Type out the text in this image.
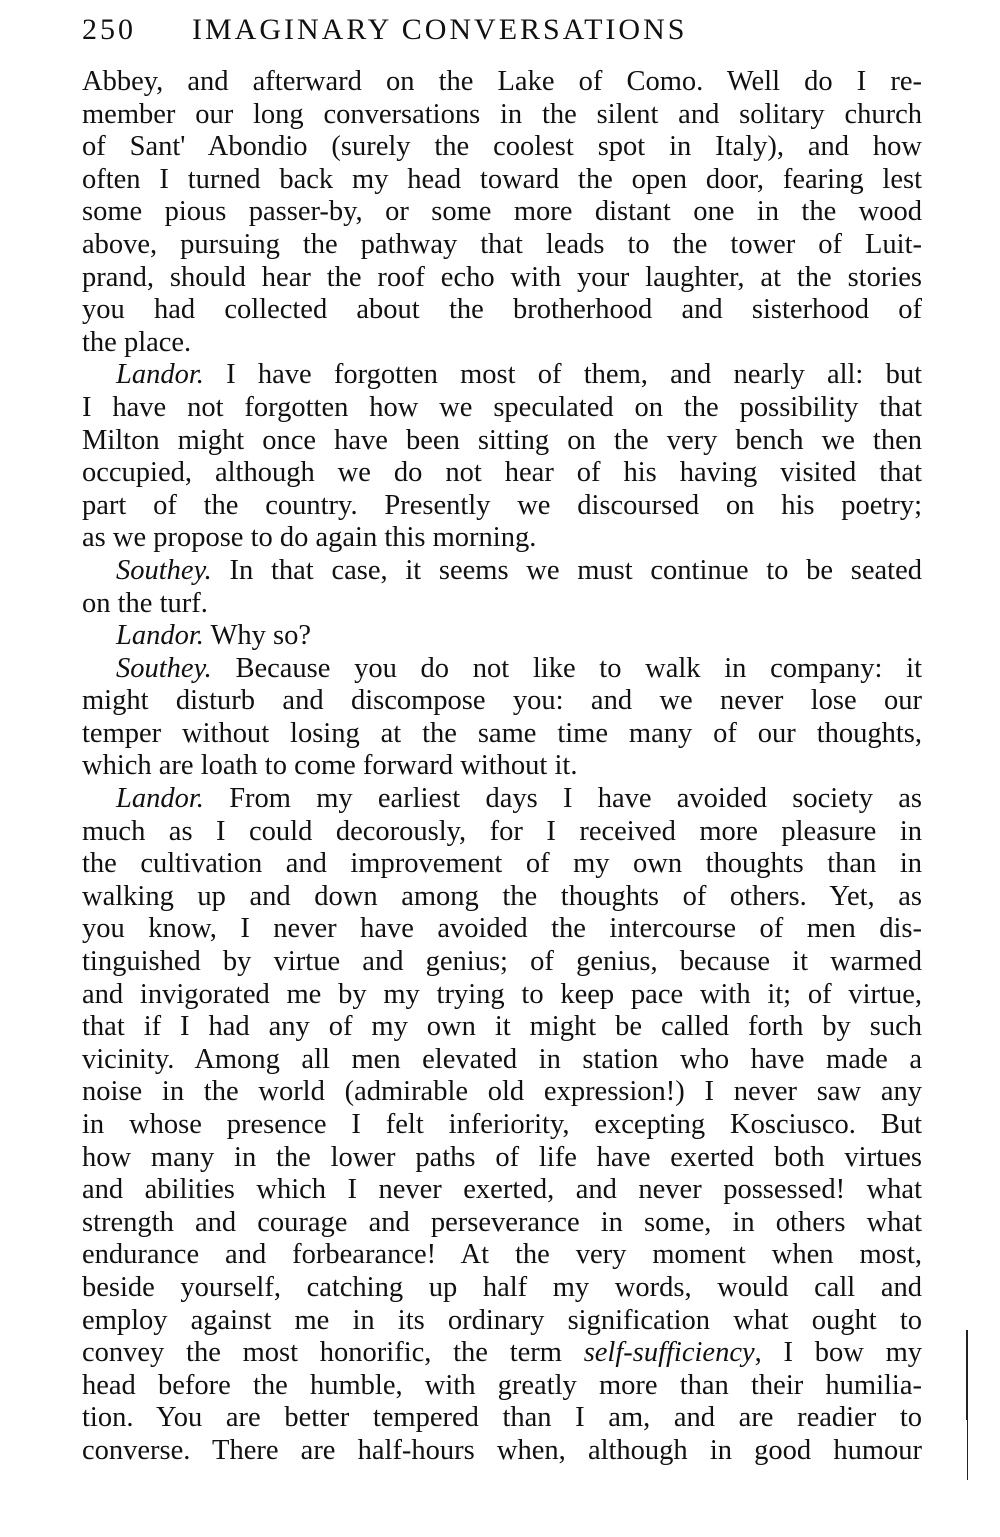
250 IMAGINARY CONVERSATIONS
Abbey, and afterward on the Lake of Como. Well do I re-
member our long conversations in the silent and solitary church
of Sant' Abondio (surely the coolest spot in Italy), and how
often I turned back my head toward the open door, fearing lest
some pious passer-by, or some more distant one in the wood
above, pursuing the pathway that leads to the tower of Luit-
prand, should hear the roof echo with your laughter, at the stories
you had collected about the brotherhood and sisterhood of
the place.
Landor. I have forgotten most of them, and nearly all: but
I have not forgotten how we speculated on the possibility that
Milton might once have been sitting on the very bench we then
occupied, although we do not hear of his having visited that
part of the country. Presently we discoursed on his poetry;
as we propose to do again this morning.
Southey. In that case, it seems we must continue to be seated
on the turf.
Landor. Why so?
Southey. Because you do not like to walk in company: it
might disturb and discompose you: and we never lose our
temper without losing at the same time many of our thoughts,
which are loath to come forward without it.
Landor. From my earliest days I have avoided society as
much as I could decorously, for I received more pleasure in
the cultivation and improvement of my own thoughts than in
walking up and down among the thoughts of others. Yet, as
you know, I never have avoided the intercourse of men dis-
tinguished by virtue and genius; of genius, because it warmed
and invigorated me by my trying to keep pace with it; of virtue,
that if I had any of my own it might be called forth by such
vicinity. Among all men elevated in station who have made a
noise in the world (admirable old expression!) I never saw any
in whose presence I felt inferiority, excepting Kosciusco. But
how many in the lower paths of life have exerted both virtues
and abilities which I never exerted, and never possessed! what
strength and courage and perseverance in some, in others what
endurance and forbearance! At the very moment when most,
beside yourself, catching up half my words, would call and
employ against me in its ordinary signification what ought to
convey the most honorific, the term self-sufficiency, I bow my
head before the humble, with greatly more than their humilia-
tion. You are better tempered than I am, and are readier to
converse. There are half-hours when, although in good humour
